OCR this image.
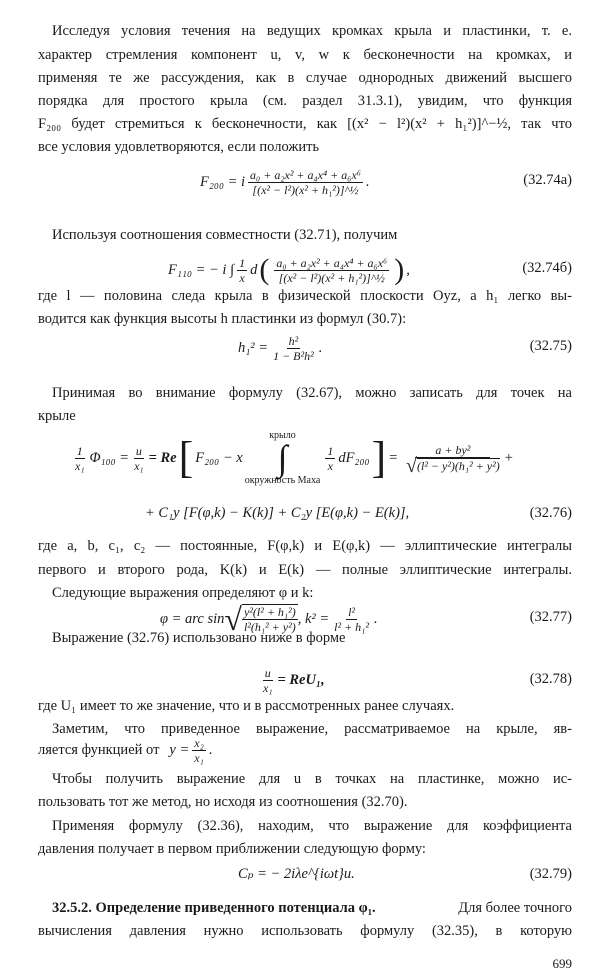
Исследуя условия течения на ведущих кромках крыла и пластинки, т. е.
характер стремления компонент u, v, w к бесконечности на кромках, и
применяя те же рассуждения, как в случае однородных движений высшего
порядка для простого крыла (см. раздел 31.3.1), увидим, что функция
F₂₀₀ будет стремиться к бесконечности, как [(x² − l²)(x² + h₁²)]^−½, так что
все условия удовлетворяются, если положить
F₂₀₀ = i $\frac{\text{a₀ + a₂x² + a₄x⁴ + a₆x⁶}}{\text{[(x² − l²)(x² + h₁²)]\textasciicircum{}½}}$ .	(32.74а)
Используя соотношения совместности (32.71), получим
F₁₁₀ = − i ∫ $\frac{1}{x}$ d ( $\frac{\text{a₀ + a₂x² + a₄x⁴ + a₆x⁶}}{\text{[(x² − l²)(x² + h₁²)]\textasciicircum{}½}}$ ) ,	(32.74б)
где l — половина следа крыла в физической плоскости Oyz, а h₁ легко вы-
водится как функция высоты h пластинки из формул (30.7):
$h_1^2 = \frac{\text{h²}}{\text{1 − B²h²}}$ .	(32.75)
Принимая во внимание формулу (32.67), можно записать для точек на
крыле
$\frac{1}{\text{x₁}} \Phi_{100} = \frac{u}{\text{x₁}} = Re$ [ F₂₀₀ − x
крыло
∫
окружность Маха
$\frac{1}{x} dF_{200}$ ] = $\frac{\text{a + by²}}{\text{√ (l² − y²)(h₁² + y²)}}$ +
+ C₁y [F(φ,k) − K(k)] + C₂y [E(φ,k) − E(k)],	(32.76)
где a, b, c₁, c₂ — постоянные, F(φ,k) и E(φ,k) — эллиптические интегралы
первого и второго рода, K(k) и E(k) — полные эллиптические интегралы.
Следующие выражения определяют φ и k:
φ = arc sin √ $\frac{\text{y²(l² + h₁²)}}{\text{l²(h₁² + y²)}}$ , $k^2 = \frac{\text{l²}}{\text{l² + h₁²}}$ .	(32.77)
Выражение (32.76) использовано ниже в форме
$\frac{u}{\text{x₁}} = ReU_1$,	(32.78)
где U₁ имеет то же значение, что и в рассмотренных ранее случаях.
Заметим, что приведенное выражение, рассматриваемое на крыле, яв-
ляется функцией от $y = \frac{\text{x₂}}{\text{x₁}}$ .
Чтобы получить выражение для u в точках на пластинке, можно ис-
пользовать тот же метод, но исходя из соотношения (32.70).
Применяя формулу (32.36), находим, что выражение для коэффициента
давления получает в первом приближении следующую форму:
Cₚ = − 2iλe^{iωt}u.	(32.79)
32.5.2. Определение приведенного потенциала φ₁.	Для более точного
вычисления давления нужно использовать формулу (32.35), в которую
699
